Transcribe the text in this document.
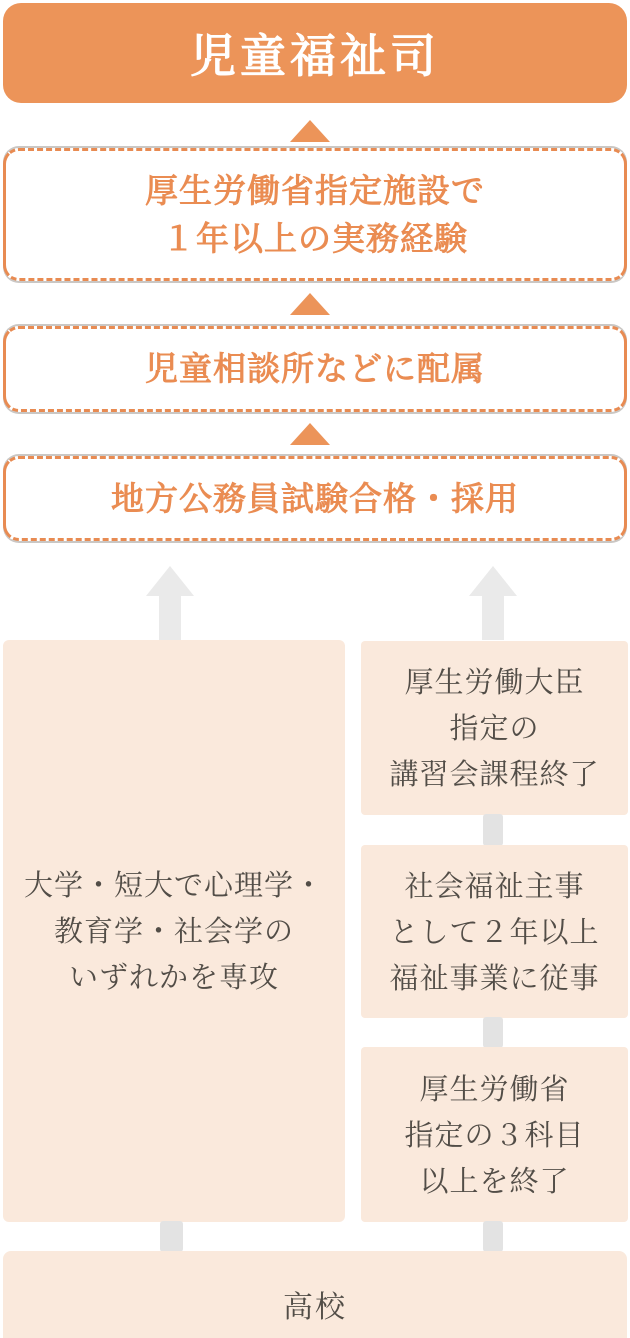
児童福祉司
厚生労働省指定施設で
１年以上の実務経験
児童相談所などに配属
地方公務員試験合格・採用
大学・短大で心理学・
教育学・社会学の
いずれかを専攻
厚生労働大臣
指定の
講習会課程終了
社会福祉主事
として２年以上
福祉事業に従事
厚生労働省
指定の３科目
以上を終了
高校
